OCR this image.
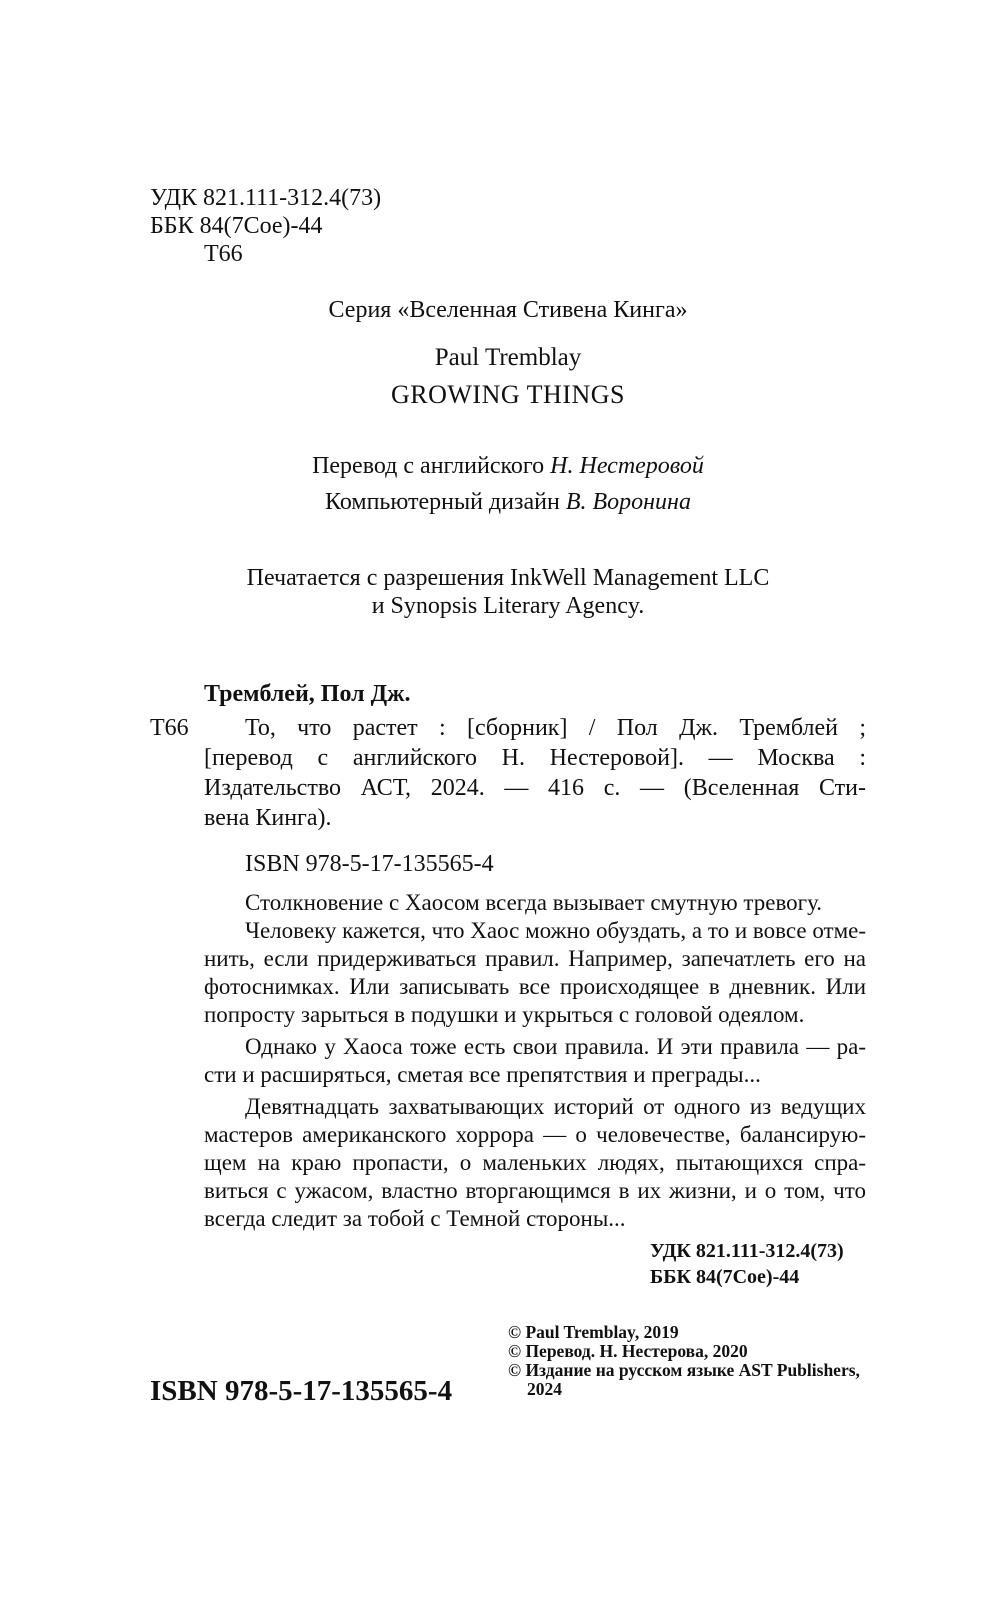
УДК 821.111-312.4(73)
ББК 84(7Сое)-44
Т66
Серия «Вселенная Стивена Кинга»
Paul Tremblay
GROWING THINGS
Перевод с английского Н. Нестеровой
Компьютерный дизайн В. Воронина
Печатается с разрешения InkWell Management LLC
и Synopsis Literary Agency.
Тремблей, Пол Дж.
Т66 То, что растет : [сборник] / Пол Дж. Тремблей ;
[перевод с английского Н. Нестеровой]. — Москва :
Издательство АСТ, 2024. — 416 с. — (Вселенная Сти-
вена Кинга).
ISBN 978-5-17-135565-4
Столкновение с Хаосом всегда вызывает смутную тревогу.
Человеку кажется, что Хаос можно обуздать, а то и вовсе отме-
нить, если придерживаться правил. Например, запечатлеть его на
фотоснимках. Или записывать все происходящее в дневник. Или
попросту зарыться в подушки и укрыться с головой одеялом.
Однако у Хаоса тоже есть свои правила. И эти правила — ра-
сти и расширяться, сметая все препятствия и преграды...
Девятнадцать захватывающих историй от одного из ведущих
мастеров американского хоррора — о человечестве, балансирую-
щем на краю пропасти, о маленьких людях, пытающихся спра-
виться с ужасом, властно вторгающимся в их жизни, и о том, что
всегда следит за тобой с Темной стороны...
УДК 821.111-312.4(73)
ББК 84(7Сое)-44
ISBN 978-5-17-135565-4
© Paul Tremblay, 2019
© Перевод. Н. Нестерова, 2020
© Издание на русском языке AST Publishers,
2024
